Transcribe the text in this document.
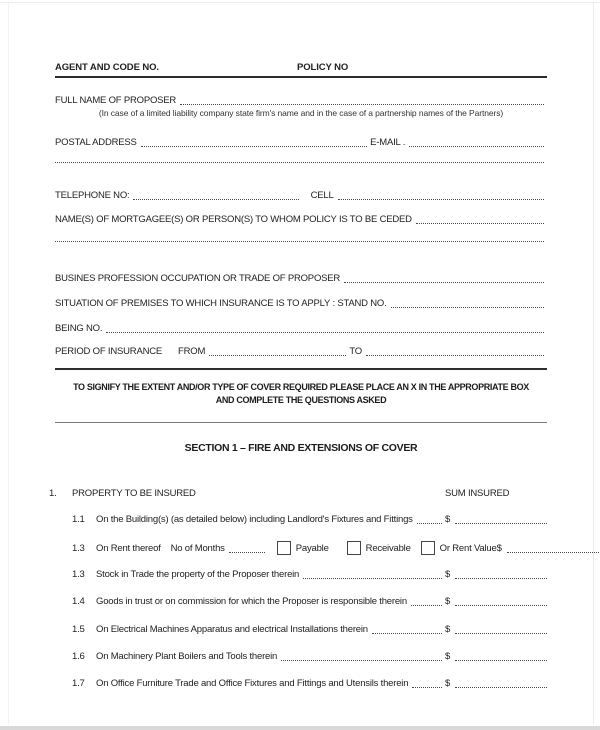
AGENT AND CODE NO.	POLICY NO
FULL NAME OF PROPOSER
(In case of a limited liability company state firm's name and in the case of a partnership names of the Partners)
POSTAL ADDRESS	E-MAIL .
TELEPHONE NO:	CELL
NAME(S) OF MORTGAGEE(S) OR PERSON(S) TO WHOM POLICY IS TO BE CEDED
BUSINES PROFESSION OCCUPATION OR TRADE OF PROPOSER
SITUATION OF PREMISES TO WHICH INSURANCE IS TO APPLY : STAND NO.
BEING NO.
PERIOD OF INSURANCE FROM	TO
TO SIGNIFY THE EXTENT AND/OR TYPE OF COVER REQUIRED PLEASE PLACE AN X IN THE APPROPRIATE BOX
AND COMPLETE THE QUESTIONS ASKED
SECTION 1 – FIRE AND EXTENSIONS OF COVER
1.	PROPERTY TO BE INSURED	SUM INSURED
1.1	On the Building(s) (as detailed below) including Landlord's Fixtures and Fittings	$
1.3	On Rent thereof No of Months	Payable	Receivable	Or Rent Value $
1.3	Stock in Trade the property of the Proposer therein	$
1.4	Goods in trust or on commission for which the Proposer is responsible therein	$
1.5	On Electrical Machines Apparatus and electrical Installations therein	$
1.6	On Machinery Plant Boilers and Tools therein	$
1.7	On Office Furniture Trade and Office Fixtures and Fittings and Utensils therein	$
